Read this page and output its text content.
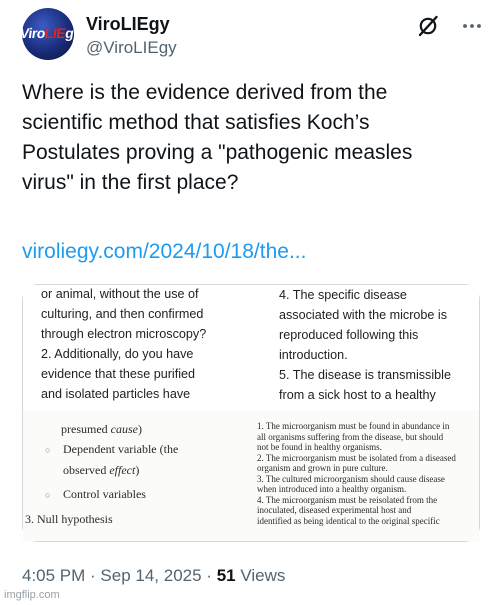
ViroLIEgy ViroLIEgy
@ViroLIEgy
Where is the evidence derived from the
scientific method that satisfies Koch’s
Postulates proving a "pathogenic measles
virus" in the first place?
viroliegy.com/2024/10/18/the...
or animal, without the use of
culturing, and then confirmed
through electron microscopy?
2. Additionally, do you have
evidence that these purified
and isolated particles have
4. The specific disease
associated with the microbe is
reproduced following this
introduction.
5. The disease is transmissible
from a sick host to a healthy
presumed cause)
○ Dependent variable (the
observed effect)
○ Control variables
3. Null hypothesis
1. The microorganism must be found in abundance in
all organisms suffering from the disease, but should
not be found in healthy organisms.
2. The microorganism must be isolated from a diseased
organism and grown in pure culture.
3. The cultured microorganism should cause disease
when introduced into a healthy organism.
4. The microorganism must be reisolated from the
inoculated, diseased experimental host and
identified as being identical to the original specific
4:05 PM · Sep 14, 2025 · 51 Views
imgflip.com
